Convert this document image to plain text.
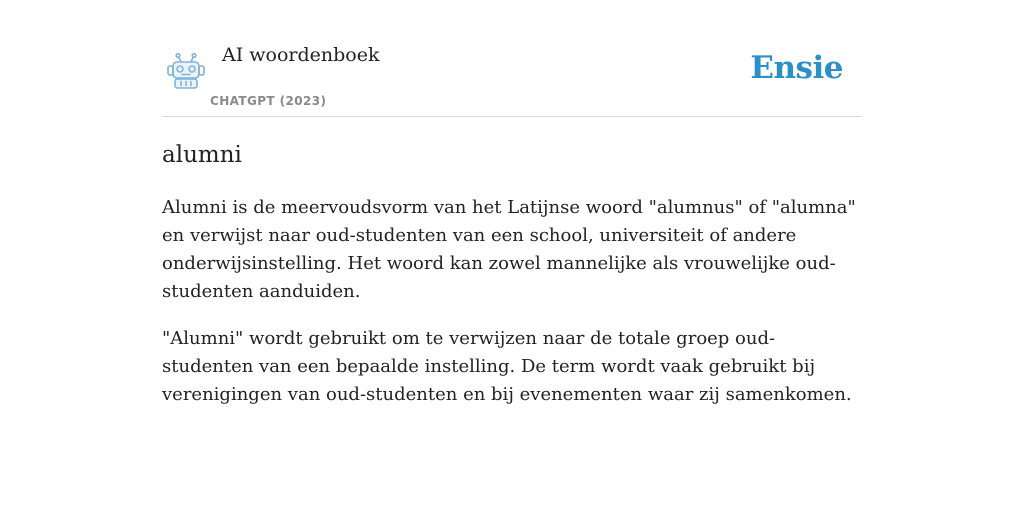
AI woordenboek
CHATGPT (2023)
Ensie
alumni

Alumni is de meervoudsvorm van het Latijnse woord "alumnus" of "alumna" en verwijst naar oud-studenten van een school, universiteit of andere onderwijsinstelling. Het woord kan zowel mannelijke als vrouwelijke oud-studenten aanduiden.

"Alumni" wordt gebruikt om te verwijzen naar de totale groep oud-studenten van een bepaalde instelling. De term wordt vaak gebruikt bij verenigingen van oud-studenten en bij evenementen waar zij samenkomen.
